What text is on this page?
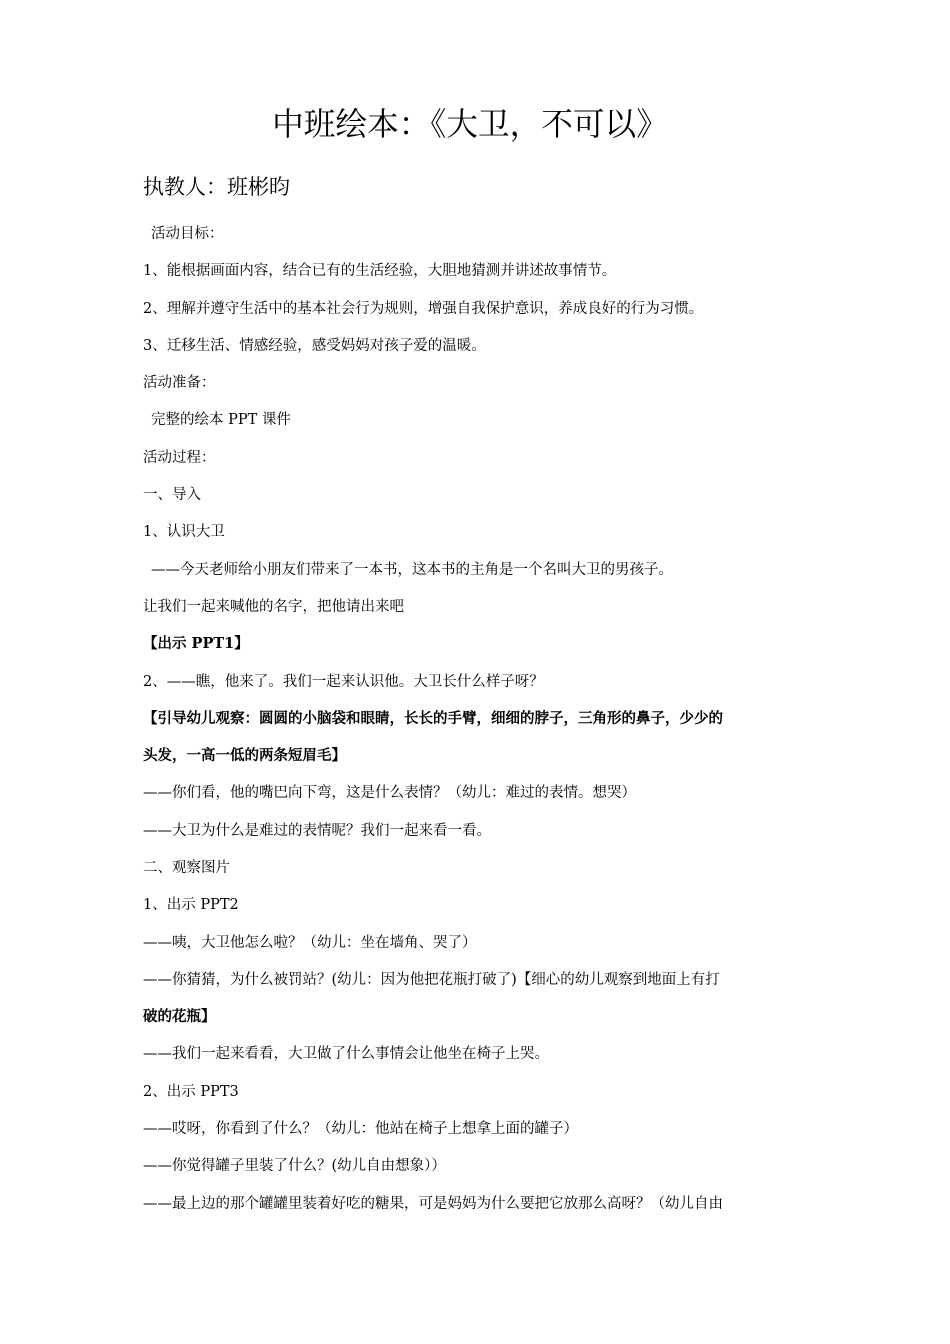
中班绘本：《大卫，不可以》
执教人：班彬昀
活动目标：
1、能根据画面内容，结合已有的生活经验，大胆地猜测并讲述故事情节。
2、理解并遵守生活中的基本社会行为规则，增强自我保护意识，养成良好的行为习惯。
3、迁移生活、情感经验，感受妈妈对孩子爱的温暖。
活动准备：
完整的绘本 PPT 课件
活动过程：
一、导入
1、认识大卫
——今天老师给小朋友们带来了一本书，这本书的主角是一个名叫大卫的男孩子。
让我们一起来喊他的名字，把他请出来吧
【出示 PPT1】
2、——瞧，他来了。我们一起来认识他。大卫长什么样子呀？
【引导幼儿观察：圆圆的小脑袋和眼睛，长长的手臂，细细的脖子，三角形的鼻子，少少的
头发，一高一低的两条短眉毛】
——你们看，他的嘴巴向下弯，这是什么表情？（幼儿：难过的表情。想哭）
——大卫为什么是难过的表情呢？我们一起来看一看。
二、观察图片
1、出示 PPT2
——咦，大卫他怎么啦？（幼儿：坐在墙角、哭了）
——你猜猜，为什么被罚站？(幼儿：因为他把花瓶打破了)【细心的幼儿观察到地面上有打
破的花瓶】
——我们一起来看看，大卫做了什么事情会让他坐在椅子上哭。
2、出示 PPT3
——哎呀，你看到了什么？（幼儿：他站在椅子上想拿上面的罐子）
——你觉得罐子里装了什么？(幼儿自由想象））
——最上边的那个罐罐里装着好吃的糖果，可是妈妈为什么要把它放那么高呀？（幼儿自由
